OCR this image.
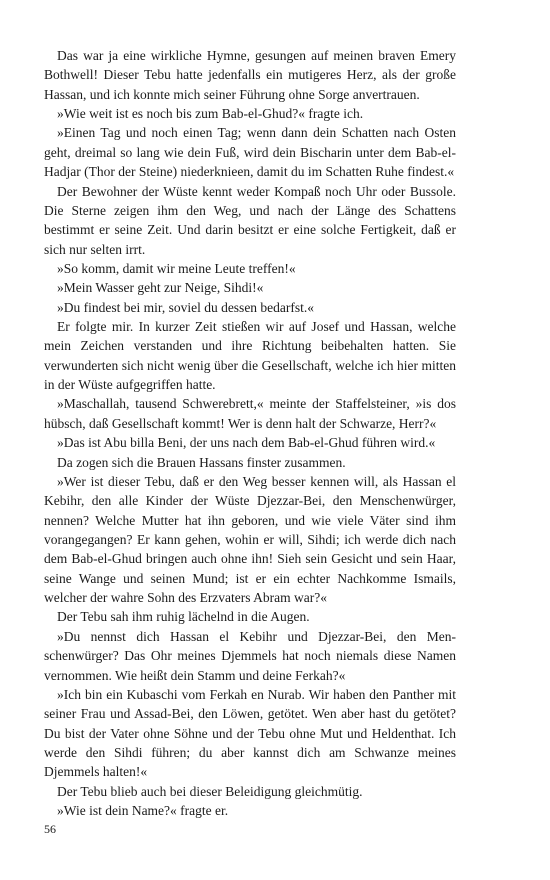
Das war ja eine wirkliche Hymne, gesungen auf meinen braven Emery Bothwell! Dieser Tebu hatte jedenfalls ein mutigeres Herz, als der große Hassan, und ich konnte mich seiner Führung ohne Sorge anvertrauen.

»Wie weit ist es noch bis zum Bab-el-Ghud?« fragte ich.

»Einen Tag und noch einen Tag; wenn dann dein Schatten nach Osten geht, dreimal so lang wie dein Fuß, wird dein Bischarin unter dem Bab-el-Hadjar (Thor der Steine) niederknieen, damit du im Schatten Ruhe findest.«

Der Bewohner der Wüste kennt weder Kompaß noch Uhr oder Bussole. Die Sterne zeigen ihm den Weg, und nach der Länge des Schattens bestimmt er seine Zeit. Und darin besitzt er eine solche Fertigkeit, daß er sich nur selten irrt.

»So komm, damit wir meine Leute treffen!«

»Mein Wasser geht zur Neige, Sihdi!«

»Du findest bei mir, soviel du dessen bedarfst.«

Er folgte mir. In kurzer Zeit stießen wir auf Josef und Hassan, welche mein Zeichen verstanden und ihre Richtung beibehalten hatten. Sie verwunderten sich nicht wenig über die Gesellschaft, welche ich hier mitten in der Wüste aufgegriffen hatte.

»Maschallah, tausend Schwerebrett,« meinte der Staffelsteiner, »is dos hübsch, daß Gesellschaft kommt! Wer is denn halt der Schwarze, Herr?«

»Das ist Abu billa Beni, der uns nach dem Bab-el-Ghud führen wird.«

Da zogen sich die Brauen Hassans finster zusammen.

»Wer ist dieser Tebu, daß er den Weg besser kennen will, als Hassan el Kebihr, den alle Kinder der Wüste Djezzar-Bei, den Menschenwürger, nennen? Welche Mutter hat ihn geboren, und wie viele Väter sind ihm vorangegangen? Er kann gehen, wohin er will, Sihdi; ich werde dich nach dem Bab-el-Ghud bringen auch ohne ihn! Sieh sein Gesicht und sein Haar, seine Wange und seinen Mund; ist er ein echter Nachkomme Ismails, welcher der wahre Sohn des Erzvaters Abram war?«

Der Tebu sah ihm ruhig lächelnd in die Augen.

»Du nennst dich Hassan el Kebihr und Djezzar-Bei, den Menschenwürger? Das Ohr meines Djemmels hat noch niemals diese Namen vernommen. Wie heißt dein Stamm und deine Ferkah?«

»Ich bin ein Kubaschi vom Ferkah en Nurab. Wir haben den Panther mit seiner Frau und Assad-Bei, den Löwen, getötet. Wen aber hast du getötet? Du bist der Vater ohne Söhne und der Tebu ohne Mut und Heldenthat. Ich werde den Sihdi führen; du aber kannst dich am Schwanze meines Djemmels halten!«

Der Tebu blieb auch bei dieser Beleidigung gleichmütig.

»Wie ist dein Name?« fragte er.

56
